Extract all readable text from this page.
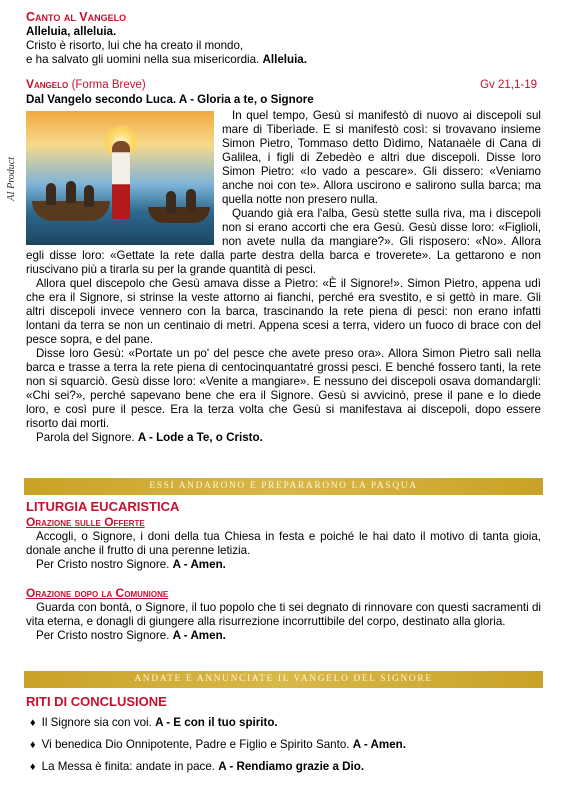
Canto al Vangelo

Alleluia, alleluia.

Cristo è risorto, lui che ha creato il mondo,

e ha salvato gli uomini nella sua misericordia. Alleluia.

Vangelo (Forma Breve)	Gv 21,1-19

Dal Vangelo secondo Luca. A - Gloria a te, o Signore

AI Product

In quel tempo, Gesù si manifestò di nuovo ai discepoli sul mare di Tiberìade. E si manifestò così: si trovavano insieme Simon Pietro, Tommaso detto Dìdimo, Natanaèle di Cana di Galilea, i figli di Zebedèo e altri due discepoli. Disse loro Simon Pietro: «Io vado a pescare». Gli dissero: «Veniamo anche noi con te». Allora uscirono e salirono sulla barca; ma quella notte non presero nulla.

Quando già era l'alba, Gesù stette sulla riva, ma i discepoli non si erano accorti che era Gesù. Gesù disse loro: «Figlioli, non avete nulla da mangiare?». Gli risposero: «No». Allora egli disse loro: «Gettate la rete dalla parte destra della barca e troverete». La gettarono e non riuscivano più a tirarla su per la grande quantità di pesci.

Allora quel discepolo che Gesù amava disse a Pietro: «È il Signore!». Simon Pietro, appena udì che era il Signore, si strinse la veste attorno ai fianchi, perché era svestito, e si gettò in mare. Gli altri discepoli invece vennero con la barca, trascinando la rete piena di pesci: non erano infatti lontani da terra se non un centinaio di metri. Appena scesi a terra, videro un fuoco di brace con del pesce sopra, e del pane.

Disse loro Gesù: «Portate un po' del pesce che avete preso ora». Allora Simon Pietro salì nella barca e trasse a terra la rete piena di centocinquantatré grossi pesci. E benché fossero tanti, la rete non si squarciò. Gesù disse loro: «Venite a mangiare». E nessuno dei discepoli osava domandargli: «Chi sei?», perché sapevano bene che era il Signore. Gesù si avvicinò, prese il pane e lo diede loro, e così pure il pesce. Era la terza volta che Gesù si manifestava ai discepoli, dopo essere risorto dai morti.

Parola del Signore. A - Lode a Te, o Cristo.

ESSI ANDARONO E PREPARARONO LA PASQUA
LITURGIA EUCARISTICA
Orazione sulle Offerte

Accogli, o Signore, i doni della tua Chiesa in festa e poiché le hai dato il motivo di tanta gioia, donale anche il frutto di una perenne letizia.

Per Cristo nostro Signore. A - Amen.

Orazione dopo la Comunione

Guarda con bontà, o Signore, il tuo popolo che ti sei degnato di rinnovare con questi sacramenti di vita eterna, e donagli di giungere alla risurrezione incorruttibile del corpo, destinato alla gloria.

Per Cristo nostro Signore. A - Amen.

ANDATE E ANNUNCIATE IL VANGELO DEL SIGNORE
RITI DI CONCLUSIONE
♦ Il Signore sia con voi. A - E con il tuo spirito.
♦ Vi benedica Dio Onnipotente, Padre e Figlio e Spirito Santo. A - Amen.
♦ La Messa è finita: andate in pace. A - Rendiamo grazie a Dio.
